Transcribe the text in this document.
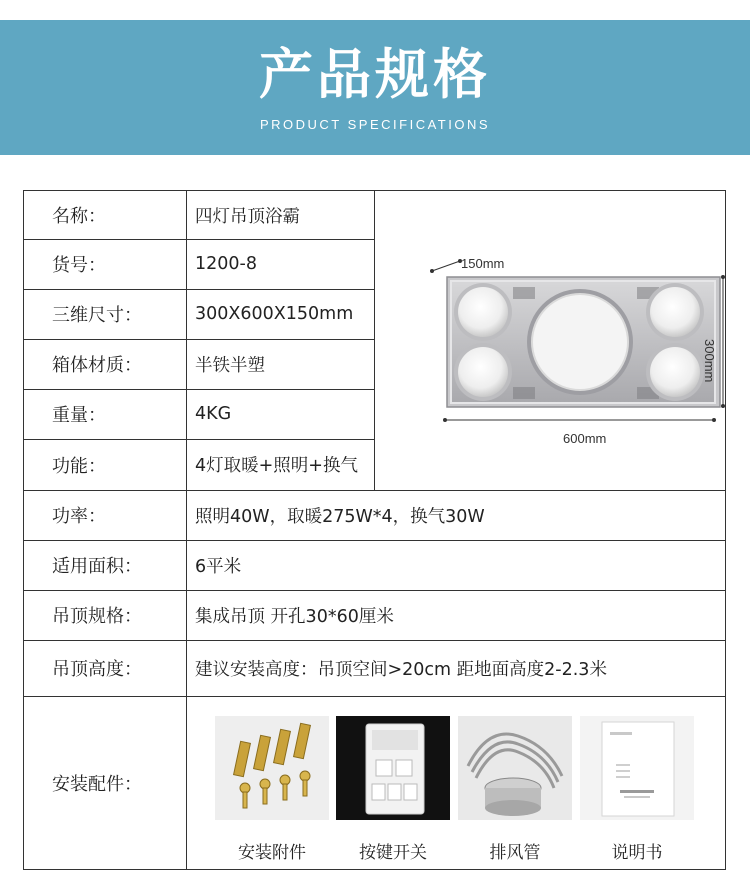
产品规格
PRODUCT SPECIFICATIONS
名称：	四灯吊顶浴霸
货号：	1200-8
三维尺寸：	300X600X150mm
箱体材质：	半铁半塑
重量：	4KG
功能：	4灯取暖+照明+换气
功率：	照明40W，取暖275W*4，换气30W
适用面积：	6平米
吊顶规格：	集成吊顶 开孔30*60厘米
吊顶高度：	建议安装高度：吊顶空间>20cm 距地面高度2-2.3米
安装配件：
150mm
600mm
300mm
安装附件	按键开关	排风管	说明书
